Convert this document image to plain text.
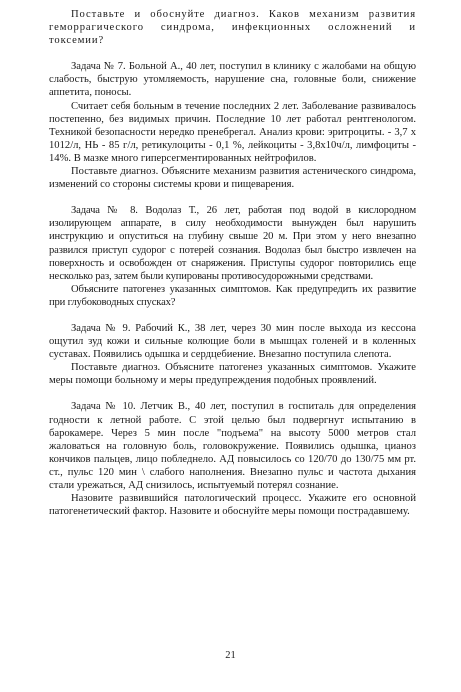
Поставьте и обоснуйте диагноз. Каков механизм развития геморрагического синдрома, инфекционных осложнений и токсемии?

Задача № 7. Больной А., 40 лет, поступил в клинику с жалобами на общую слабость, быструю утомляемость, нарушение сна, головные боли, снижение аппетита, поносы.

Считает себя больным в течение последних 2 лет. Заболевание развивалось постепенно, без видимых причин. Последние 10 лет работал рентгенологом. Техникой безопасности нередко пренебрегал. Анализ крови: эритроциты. - 3,7 х 1012/л, НЬ - 85 г/л, ретикулоциты - 0,1 %, лейкоциты - 3,8х10ч/л, лимфоциты - 14%. В мазке много гиперсегментированных нейтрофилов.

Поставьте диагноз. Объясните механизм развития астенического синдрома, изменений со стороны системы крови и пищеварения.

Задача № 8. Водолаз Т., 26 лет, работая под водой в кислородном изолирующем аппарате, в силу необходимости вынужден был нарушить инструкцию и опуститься на глубину свыше 20 м. При этом у него внезапно развился приступ судорог с потерей сознания. Водолаз был быстро извлечен на поверхность и освобожден от снаряжения. Приступы судорог повторились еще несколько раз, затем были купированы противосудорожными средствами.

Объясните патогенез указанных симптомов. Как предупредить их развитие при глубоководных спусках?

Задача № 9. Рабочий К., 38 лет, через 30 мин после выхода из кессона ощутил зуд кожи и сильные колющие боли в мышцах голеней и в коленных суставах. Появились одышка и сердцебиение. Внезапно поступила слепота.

Поставьте диагноз. Объясните патогенез указанных симптомов. Укажите меры помощи больному и меры предупреждения подобных проявлений.

Задача № 10. Летчик В., 40 лет, поступил в госпиталь для определения годности к летной работе. С этой целью был подвергнут испытанию в барокамере. Через 5 мин после "подъема" на высоту 5000 метров стал жаловаться на головную боль, головокружение. Появились одышка, цианоз кончиков пальцев, лицо побледнело. АД повысилось со 120/70 до 130/75 мм рт. ст., пульс 120 мин \ слабого наполнения. Внезапно пульс и частота дыхания стали урежаться, АД снизилось, испытуемый потерял сознание.

Назовите развившийся патологический процесс. Укажите его основной патогенетический фактор. Назовите и обоснуйте меры помощи пострадавшему.

21
